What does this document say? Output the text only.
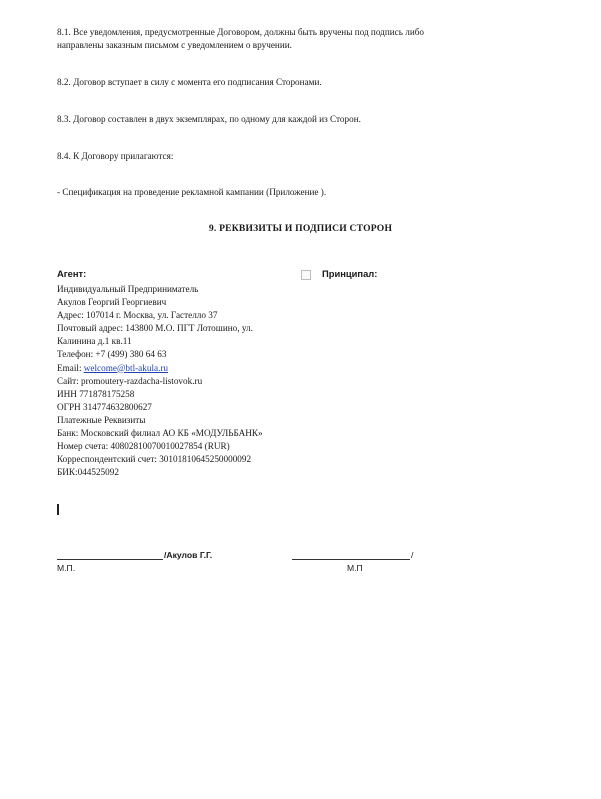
8.1. Все уведомления, предусмотренные Договором, должны быть вручены под подпись либо
направлены заказным письмом с уведомлением о вручении.
8.2. Договор вступает в силу с момента его подписания Сторонами.
8.3. Договор составлен в двух экземплярах, по одному для каждой из Сторон.
8.4. К Договору прилагаются:
- Спецификация на проведение рекламной кампании (Приложение ).
9. РЕКВИЗИТЫ И ПОДПИСИ СТОРОН
Агент:	Принципал:
Индивидуальный Предприниматель
Акулов Георгий Георгиевич
Адрес: 107014 г. Москва, ул. Гастелло 37
Почтовый адрес: 143800 М.О. ПГТ Лотошино, ул.
Калинина д.1 кв.11
Телефон: +7 (499) 380 64 63
Email: welcome@btl-akula.ru
Сайт: promoutery-razdacha-listovok.ru
ИНН 771878175258
ОГРН 314774632800627
Платежные Реквизиты
Банк: Московский филиал АО КБ «МОДУЛЬБАНК»
Номер счета: 40802810070010027854 (RUR)
Корреспондентский счет: 30101810645250000092
БИК:044525092
/Акулов Г.Г.	/
М.П.	М.П
